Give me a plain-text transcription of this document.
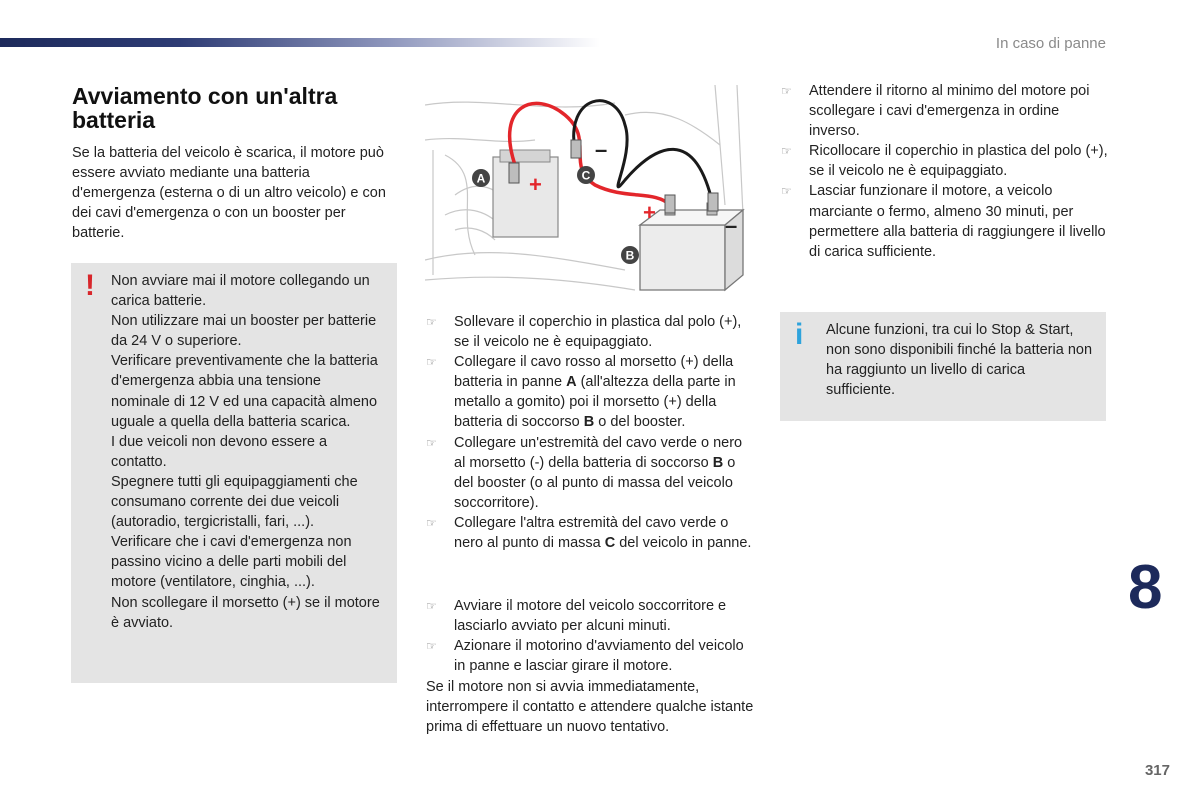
In caso di panne
Avviamento con un'altra batteria
Se la batteria del veicolo è scarica, il motore può essere avviato mediante una batteria d'emergenza (esterna o di un altro veicolo) e con dei cavi d'emergenza o con un booster per batterie.
! Non avviare mai il motore collegando un carica batterie.
Non utilizzare mai un booster per batterie da 24 V o superiore.
Verificare preventivamente che la batteria d'emergenza abbia una tensione nominale di 12 V ed una capacità almeno uguale a quella della batteria scarica.
I due veicoli non devono essere a contatto.
Spegnere tutti gli equipaggiamenti che consumano corrente dei due veicoli (autoradio, tergicristalli, fari, ...).
Verificare che i cavi d'emergenza non passino vicino a delle parti mobili del motore (ventilatore, cinghia, ...).
Non scollegare il morsetto (+) se il motore è avviato.
+
+
–
–
A	C
B
☞	Sollevare il coperchio in plastica dal polo (+), se il veicolo ne è equipaggiato.
☞	Collegare il cavo rosso al morsetto (+) della batteria in panne A (all'altezza della parte in metallo a gomito) poi il morsetto (+) della batteria di soccorso B o del booster.
☞	Collegare un'estremità del cavo verde o nero al morsetto (-) della batteria di soccorso B o del booster (o al punto di massa del veicolo soccorritore).
☞	Collegare l'altra estremità del cavo verde o nero al punto di massa C del veicolo in panne.
☞	Avviare il motore del veicolo soccorritore e lasciarlo avviato per alcuni minuti.
☞	Azionare il motorino d'avviamento del veicolo in panne e lasciar girare il motore.
Se il motore non si avvia immediatamente, interrompere il contatto e attendere qualche istante prima di effettuare un nuovo tentativo.
☞	Attendere il ritorno al minimo del motore poi scollegare i cavi d'emergenza in ordine inverso.
☞	Ricollocare il coperchio in plastica del polo (+), se il veicolo ne è equipaggiato.
☞	Lasciar funzionare il motore, a veicolo marciante o fermo, almeno 30 minuti, per permettere alla batteria di raggiungere il livello di carica sufficiente.
i Alcune funzioni, tra cui lo Stop & Start, non sono disponibili finché la batteria non ha raggiunto un livello di carica sufficiente.
8
317
